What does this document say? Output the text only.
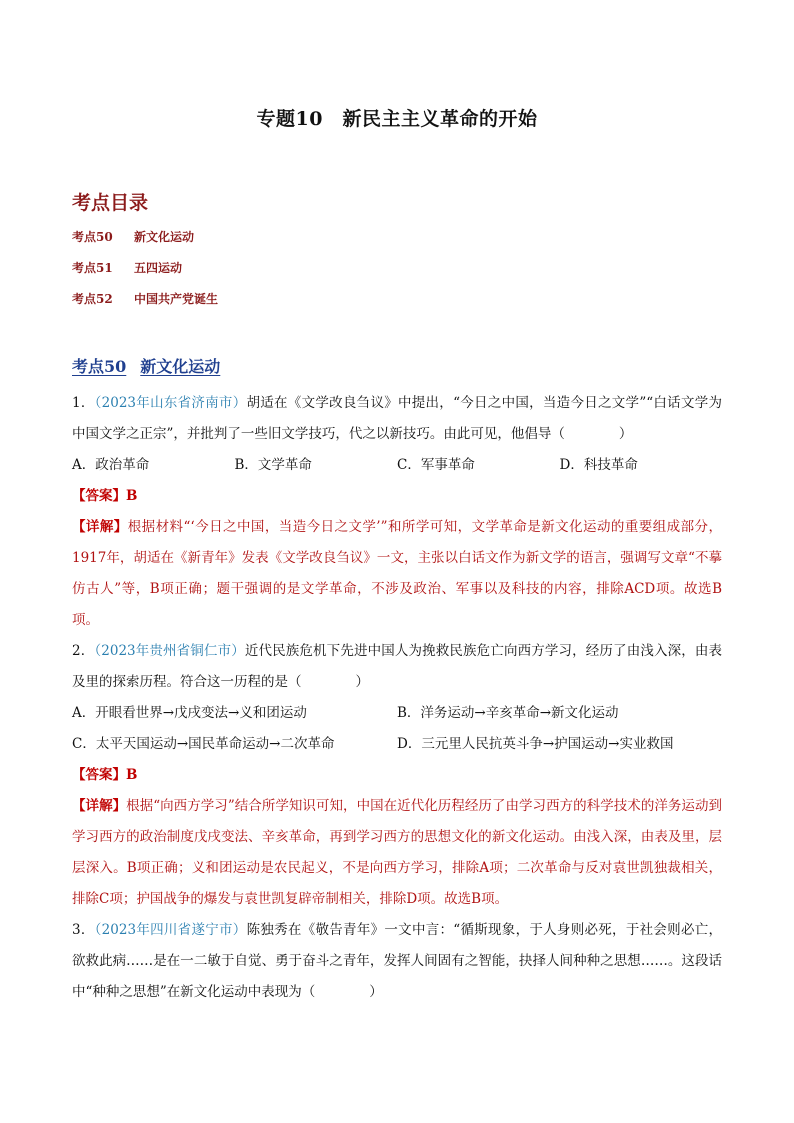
专题10　新民主主义革命的开始
考点目录
考点50 新文化运动
考点51 五四运动
考点52 中国共产党诞生
考点50 新文化运动

1．（2023年山东省济南市）胡适在《文学改良刍议》中提出，“今日之中国，当造今日之文学”“白话文学为中国文学之正宗”，并批判了一些旧文学技巧，代之以新技巧。由此可见，他倡导（　　　　）

A．政治革命	B．文学革命	C．军事革命	D．科技革命

【答案】B

【详解】根据材料“‘今日之中国，当造今日之文学’”和所学可知，文学革命是新文化运动的重要组成部分，1917年，胡适在《新青年》发表《文学改良刍议》一文，主张以白话文作为新文学的语言，强调写文章“不摹仿古人”等，B项正确；题干强调的是文学革命，不涉及政治、军事以及科技的内容，排除ACD项。故选B项。

2．（2023年贵州省铜仁市）近代民族危机下先进中国人为挽救民族危亡向西方学习，经历了由浅入深，由表及里的探索历程。符合这一历程的是（　　　　）

A．开眼看世界→戊戌变法→义和团运动	B．洋务运动→辛亥革命→新文化运动
C．太平天国运动→国民革命运动→二次革命	D．三元里人民抗英斗争→护国运动→实业救国

【答案】B

【详解】根据“向西方学习”结合所学知识可知，中国在近代化历程经历了由学习西方的科学技术的洋务运动到学习西方的政治制度戊戌变法、辛亥革命，再到学习西方的思想文化的新文化运动。由浅入深，由表及里，层层深入。B项正确；义和团运动是农民起义，不是向西方学习，排除A项；二次革命与反对袁世凯独裁相关，排除C项；护国战争的爆发与袁世凯复辟帝制相关，排除D项。故选B项。

3．（2023年四川省遂宁市）陈独秀在《敬告青年》一文中言：“循斯现象，于人身则必死，于社会则必亡，欲救此病……是在一二敏于自觉、勇于奋斗之青年，发挥人间固有之智能，抉择人间种种之思想……。这段话中“种种之思想”在新文化运动中表现为（　　　　）
